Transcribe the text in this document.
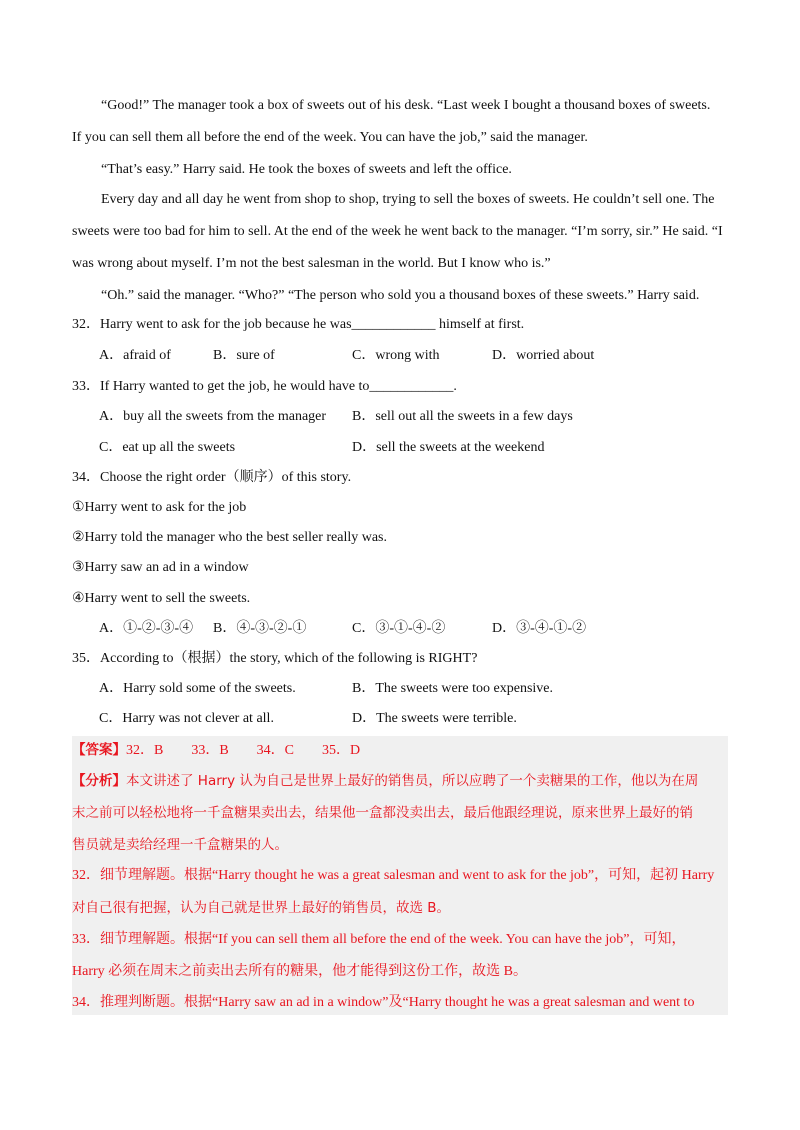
“Good!” The manager took a box of sweets out of his desk. “Last week I bought a thousand boxes of sweets.
If you can sell them all before the end of the week. You can have the job,” said the manager.
“That’s easy.” Harry said. He took the boxes of sweets and left the office.
Every day and all day he went from shop to shop, trying to sell the boxes of sweets. He couldn’t sell one. The
sweets were too bad for him to sell. At the end of the week he went back to the manager. “I’m sorry, sir.” He said. “I
was wrong about myself. I’m not the best salesman in the world. But I know who is.”
“Oh.” said the manager. “Who?” “The person who sold you a thousand boxes of these sweets.” Harry said.
32．Harry went to ask for the job because he was____________ himself at first.
A．afraid of	B．sure of	C．wrong with	D．worried about
33．If Harry wanted to get the job, he would have to____________.
A．buy all the sweets from the manager B．sell out all the sweets in a few days
C．eat up all the sweets	D．sell the sweets at the weekend
34．Choose the right order（顺序）of this story.
①Harry went to ask for the job
②Harry told the manager who the best seller really was.
③Harry saw an ad in a window
④Harry went to sell the sweets.
A．①-②-③-④ B．④-③-②-①	C．③-①-④-②	D．③-④-①-②
35．According to（根据）the story, which of the following is RIGHT?
A．Harry sold some of the sweets.	B．The sweets were too expensive.
C．Harry was not clever at all.	D．The sweets were terrible.
【答案】32．B　　33．B　　34．C　　35．D
【分析】本文讲述了 Harry 认为自己是世界上最好的销售员，所以应聘了一个卖糖果的工作，他以为在周
末之前可以轻松地将一千盒糖果卖出去，结果他一盒都没卖出去，最后他跟经理说，原来世界上最好的销
售员就是卖给经理一千盒糖果的人。
32．细节理解题。根据“Harry thought he was a great salesman and went to ask for the job”，可知，起初 Harry
对自己很有把握，认为自己就是世界上最好的销售员，故选 B。
33．细节理解题。根据“If you can sell them all before the end of the week. You can have the job”，可知，
Harry 必须在周末之前卖出去所有的糖果，他才能得到这份工作，故选 B。
34．推理判断题。根据“Harry saw an ad in a window”及“Harry thought he was a great salesman and went to
